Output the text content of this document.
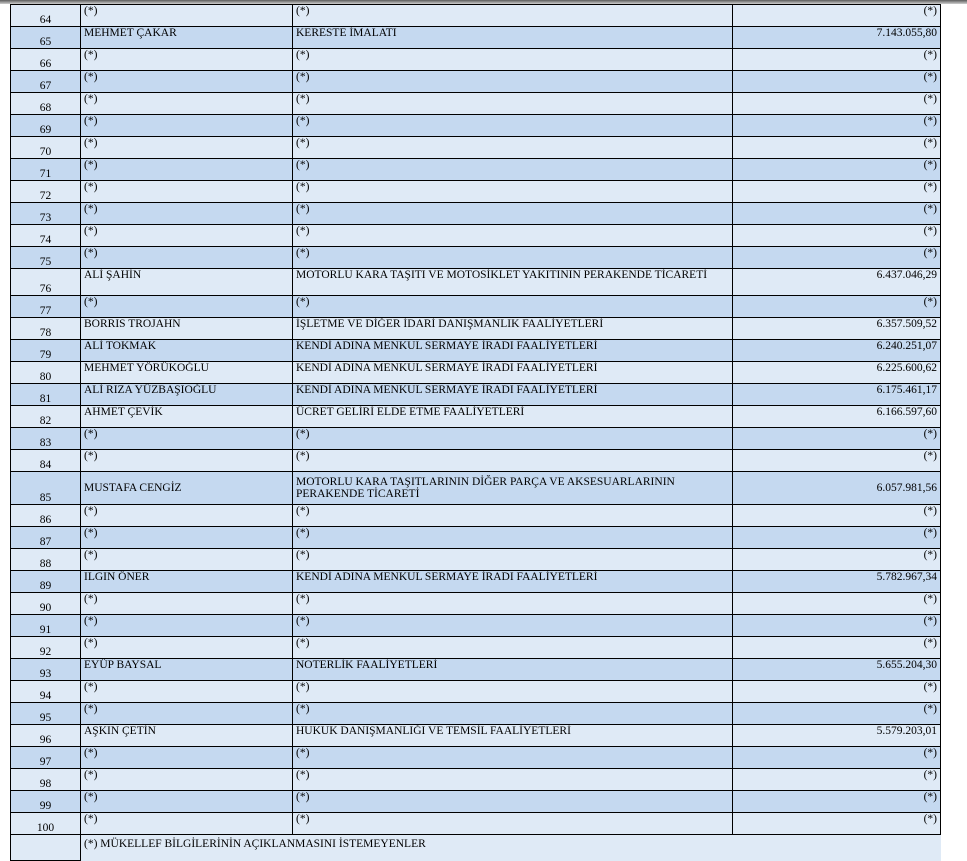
64	(*)	(*)	(*)
65	MEHMET ÇAKAR	KERESTE İMALATI	7.143.055,80
66	(*)	(*)	(*)
67	(*)	(*)	(*)
68	(*)	(*)	(*)
69	(*)	(*)	(*)
70	(*)	(*)	(*)
71	(*)	(*)	(*)
72	(*)	(*)	(*)
73	(*)	(*)	(*)
74	(*)	(*)	(*)
75	(*)	(*)	(*)
76	ALİ ŞAHİN	MOTORLU KARA TAŞITI VE MOTOSİKLET YAKITININ PERAKENDE TİCARETİ	6.437.046,29
77	(*)	(*)	(*)
78	BORRIS TROJAHN	İŞLETME VE DİĞER İDARİ DANIŞMANLIK FAALİYETLERİ	6.357.509,52
79	ALİ TOKMAK	KENDİ ADINA MENKUL SERMAYE İRADI FAALİYETLERİ	6.240.251,07
80	MEHMET YÖRÜKOĞLU	KENDİ ADINA MENKUL SERMAYE İRADI FAALİYETLERİ	6.225.600,62
81	ALİ RIZA YÜZBAŞIOĞLU	KENDİ ADINA MENKUL SERMAYE İRADI FAALİYETLERİ	6.175.461,17
82	AHMET ÇEVİK	ÜCRET GELİRİ ELDE ETME FAALİYETLERİ	6.166.597,60
83	(*)	(*)	(*)
84	(*)	(*)	(*)
85	MUSTAFA CENGİZ	MOTORLU KARA TAŞITLARININ DİĞER PARÇA VE AKSESUARLARININ PERAKENDE TİCARETİ	6.057.981,56
86	(*)	(*)	(*)
87	(*)	(*)	(*)
88	(*)	(*)	(*)
89	ILGIN ÖNER	KENDİ ADINA MENKUL SERMAYE İRADI FAALİYETLERİ	5.782.967,34
90	(*)	(*)	(*)
91	(*)	(*)	(*)
92	(*)	(*)	(*)
93	EYÜP BAYSAL	NOTERLİK FAALİYETLERİ	5.655.204,30
94	(*)	(*)	(*)
95	(*)	(*)	(*)
96	AŞKIN ÇETİN	HUKUK DANIŞMANLIĞI VE TEMSİL FAALİYETLERİ	5.579.203,01
97	(*)	(*)	(*)
98	(*)	(*)	(*)
99	(*)	(*)	(*)
100	(*)	(*)	(*)
	(*) MÜKELLEF BİLGİLERİNİN AÇIKLANMASINI İSTEMEYENLER		
